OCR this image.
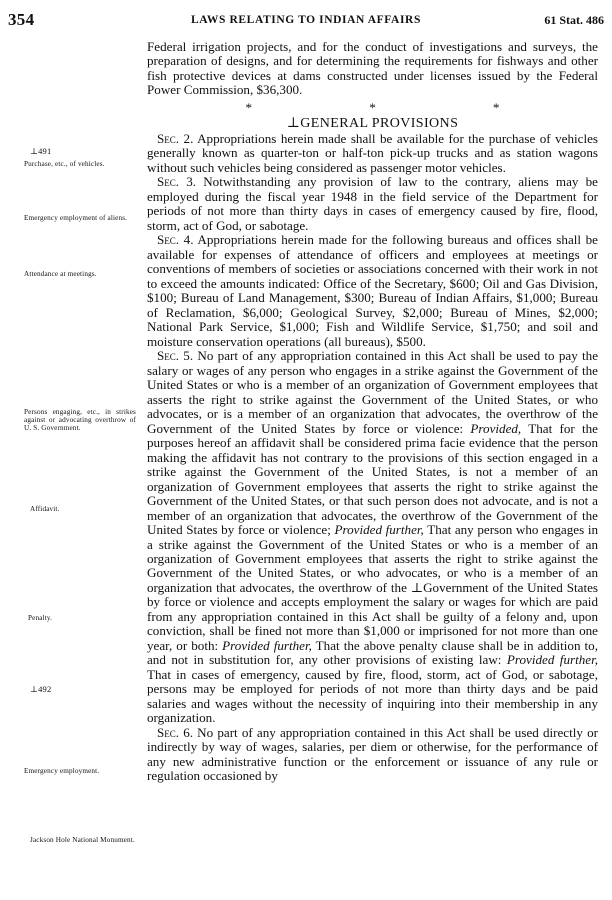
354	LAWS RELATING TO INDIAN AFFAIRS	61 Stat. 486
⊥491
Purchase, etc., of vehicles.
Emergency employment of aliens.
Attendance at meetings.
Persons engaging, etc., in strikes against or advocating overthrow of U. S. Government.
Affidavit.
Penalty.
⊥492
Emergency employment.
Jackson Hole National Monument.

Federal irrigation projects, and for the conduct of investigations and surveys, the preparation of designs, and for determining the requirements for fishways and other fish protective devices at dams constructed under licenses issued by the Federal Power Commission, $36,300.

*	*	*
⊥GENERAL PROVISIONS

Sec. 2. Appropriations herein made shall be available for the purchase of vehicles generally known as quarter-ton or half-ton pick-up trucks and as station wagons without such vehicles being considered as passenger motor vehicles.

Sec. 3. Notwithstanding any provision of law to the contrary, aliens may be employed during the fiscal year 1948 in the field service of the Department for periods of not more than thirty days in cases of emergency caused by fire, flood, storm, act of God, or sabotage.

Sec. 4. Appropriations herein made for the following bureaus and offices shall be available for expenses of attendance of officers and employees at meetings or conventions of members of societies or associations concerned with their work in not to exceed the amounts indicated: Office of the Secretary, $600; Oil and Gas Division, $100; Bureau of Land Management, $300; Bureau of Indian Affairs, $1,000; Bureau of Reclamation, $6,000; Geological Survey, $2,000; Bureau of Mines, $2,000; National Park Service, $1,000; Fish and Wildlife Service, $1,750; and soil and moisture conservation operations (all bureaus), $500.

Sec. 5. No part of any appropriation contained in this Act shall be used to pay the salary or wages of any person who engages in a strike against the Government of the United States or who is a member of an organization of Government employees that asserts the right to strike against the Government of the United States, or who advocates, or is a member of an organization that advocates, the overthrow of the Government of the United States by force or violence: Provided, That for the purposes hereof an affidavit shall be considered prima facie evidence that the person making the affidavit has not contrary to the provisions of this section engaged in a strike against the Government of the United States, is not a member of an organization of Government employees that asserts the right to strike against the Government of the United States, or that such person does not advocate, and is not a member of an organization that advocates, the overthrow of the Government of the United States by force or violence; Provided further, That any person who engages in a strike against the Government of the United States or who is a member of an organization of Government employees that asserts the right to strike against the Government of the United States, or who advocates, or who is a member of an organization that advocates, the overthrow of the ⊥Government of the United States by force or violence and accepts employment the salary or wages for which are paid from any appropriation contained in this Act shall be guilty of a felony and, upon conviction, shall be fined not more than $1,000 or imprisoned for not more than one year, or both: Provided further, That the above penalty clause shall be in addition to, and not in substitution for, any other provisions of existing law: Provided further, That in cases of emergency, caused by fire, flood, storm, act of God, or sabotage, persons may be employed for periods of not more than thirty days and be paid salaries and wages without the necessity of inquiring into their membership in any organization.

Sec. 6. No part of any appropriation contained in this Act shall be used directly or indirectly by way of wages, salaries, per diem or otherwise, for the performance of any new administrative function or the enforcement or issuance of any rule or regulation occasioned by
